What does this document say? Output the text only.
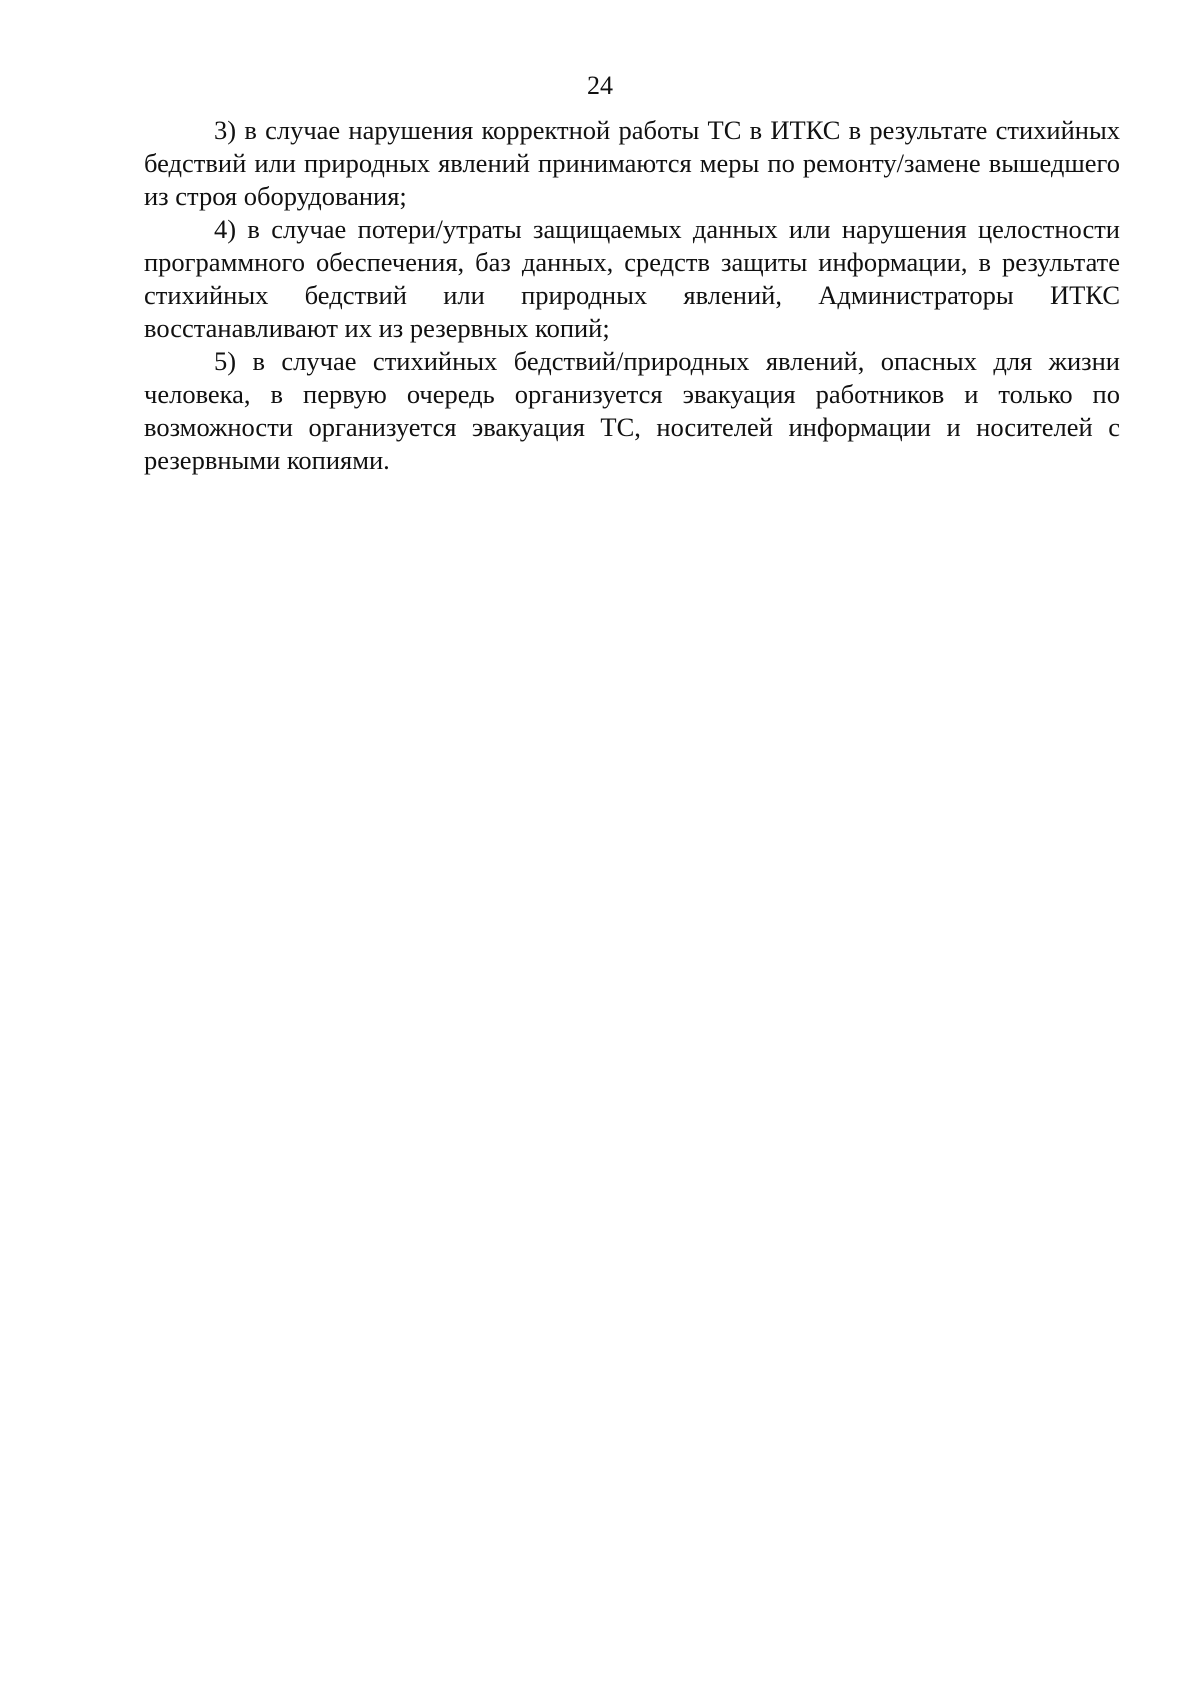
24

3) в случае нарушения корректной работы ТС в ИТКС в результате стихийных бедствий или природных явлений принимаются меры по ремонту/замене вышедшего из строя оборудования;

4) в случае потери/утраты защищаемых данных или нарушения целостности программного обеспечения, баз данных, средств защиты информации, в результате стихийных бедствий или природных явлений, Администраторы ИТКС восстанавливают их из резервных копий;

5) в случае стихийных бедствий/природных явлений, опасных для жизни человека, в первую очередь организуется эвакуация работников и только по возможности организуется эвакуация ТС, носителей информации и носителей с резервными копиями.
